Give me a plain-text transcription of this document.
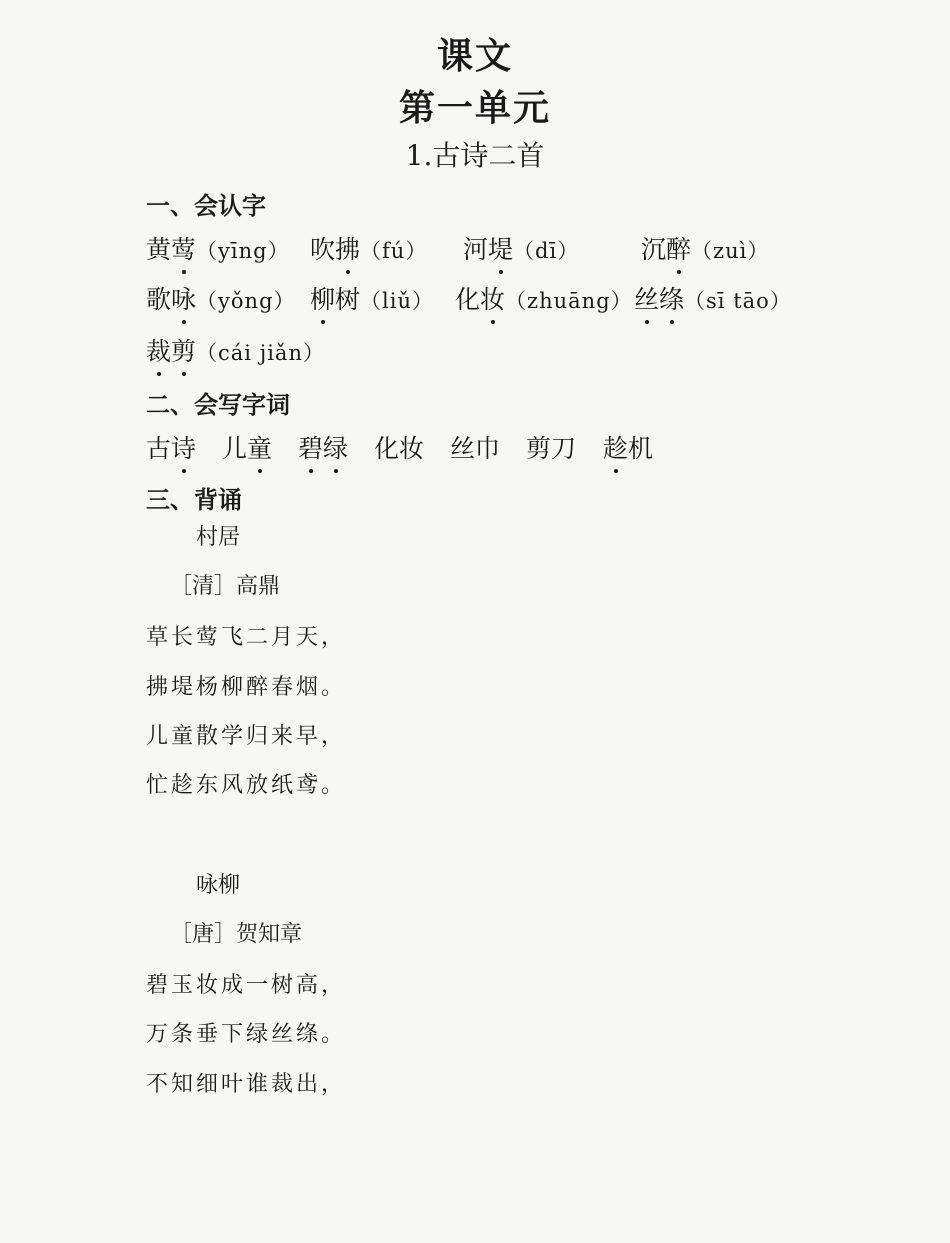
课文
第一单元
1.古诗二首
一、会认字
黄莺（yīng） 吹拂（fú） 河堤（dī） 沉醉（zuì）
歌咏（yǒng） 柳树（liǔ） 化妆（zhuāng） 丝绦（sī tāo）
裁剪（cái jiǎn）
二、会写字词
古诗 儿童 碧绿 化妆 丝巾 剪刀 趁机
三、背诵
村居
［清］高鼎
草长莺飞二月天，
拂堤杨柳醉春烟。
儿童散学归来早，
忙趁东风放纸鸢。
咏柳
［唐］贺知章
碧玉妆成一树高，
万条垂下绿丝绦。
不知细叶谁裁出，
